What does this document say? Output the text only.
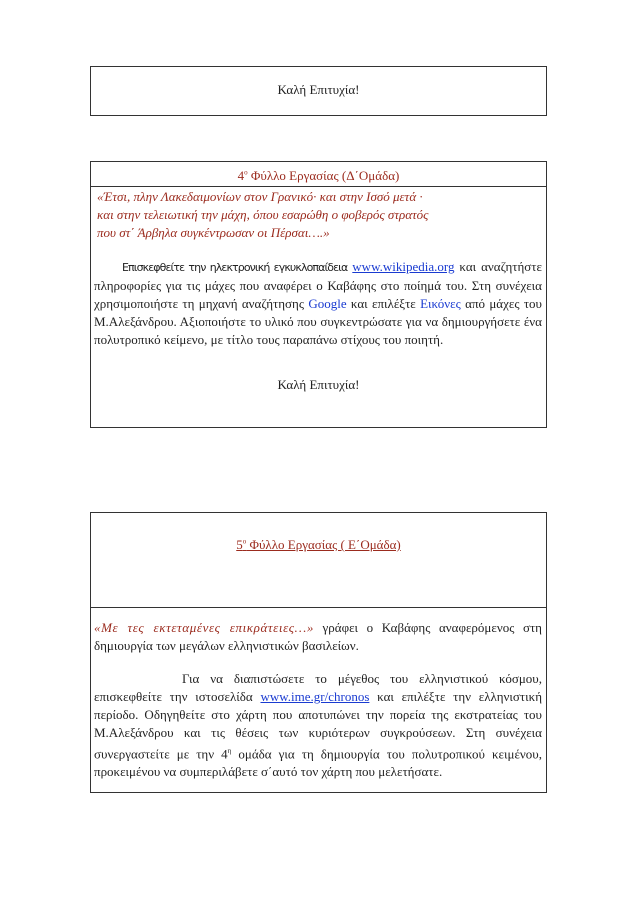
Καλή Επιτυχία!
$4^o$ Φύλλο Εργασίας (Δ΄Ομάδα)
«Έτσι, πλην Λακεδαιμονίων στον Γρανικό· και στην Ισσό μετά ·
και στην τελειωτική την μάχη, όπου εσαρώθη ο φοβερός στρατός
που στ΄ Άρβηλα συγκέντρωσαν οι Πέρσαι….»
Επισκεφθείτε την ηλεκτρονική εγκυκλοπαίδεια www.wikipedia.org και αναζητήστε πληροφορίες για τις μάχες που αναφέρει ο Καβάφης στο ποίημά του. Στη συνέχεια χρησιμοποιήστε τη μηχανή αναζήτησης Google και επιλέξτε Εικόνες από μάχες του Μ.Αλεξάνδρου. Αξιοποιήστε το υλικό που συγκεντρώσατε για να δημιουργήσετε ένα πολυτροπικό κείμενο, με τίτλο τους παραπάνω στίχους του ποιητή.
Καλή Επιτυχία!
$5^o$ Φύλλο Εργασίας ( Ε΄Ομάδα)
«Με τες εκτεταμένες επικράτειες…» γράφει ο Καβάφης αναφερόμενος στη δημιουργία των μεγάλων ελληνιστικών βασιλείων.
Για να διαπιστώσετε το μέγεθος του ελληνιστικού κόσμου, επισκεφθείτε την ιστοσελίδα www.ime.gr/chronos και επιλέξτε την ελληνιστική περίοδο. Οδηγηθείτε στο χάρτη που αποτυπώνει την πορεία της εκστρατείας του Μ.Αλεξάνδρου και τις θέσεις των κυριότερων συγκρούσεων. Στη συνέχεια συνεργαστείτε με την $4^\eta$ ομάδα για τη δημιουργία του πολυτροπικού κειμένου, προκειμένου να συμπεριλάβετε σ΄αυτό τον χάρτη που μελετήσατε.
